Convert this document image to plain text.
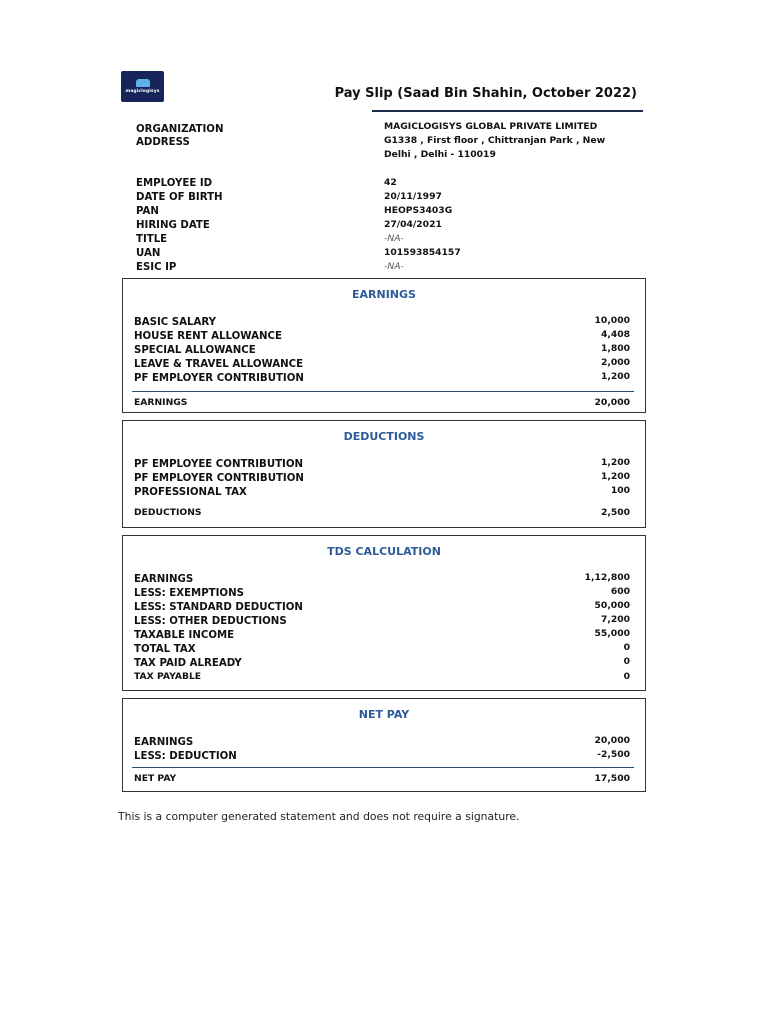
magiclogisys	Pay Slip (Saad Bin Shahin, October 2022)
ORGANIZATION	MAGICLOGISYS GLOBAL PRIVATE LIMITED
ADDRESS	G1338 , First floor , Chittranjan Park , New Delhi , Delhi - 110019
EMPLOYEE ID	42
DATE OF BIRTH	20/11/1997
PAN	HEOPS3403G
HIRING DATE	27/04/2021
TITLE	-NA-
UAN	101593854157
ESIC IP	-NA-
EARNINGS
BASIC SALARY	10,000
HOUSE RENT ALLOWANCE	4,408
SPECIAL ALLOWANCE	1,800
LEAVE & TRAVEL ALLOWANCE	2,000
PF EMPLOYER CONTRIBUTION	1,200
EARNINGS	20,000
DEDUCTIONS
PF EMPLOYEE CONTRIBUTION	1,200
PF EMPLOYER CONTRIBUTION	1,200
PROFESSIONAL TAX	100
DEDUCTIONS	2,500
TDS CALCULATION
EARNINGS	1,12,800
LESS: EXEMPTIONS	600
LESS: STANDARD DEDUCTION	50,000
LESS: OTHER DEDUCTIONS	7,200
TAXABLE INCOME	55,000
TOTAL TAX	0
TAX PAID ALREADY	0
TAX PAYABLE	0
NET PAY
EARNINGS	20,000
LESS: DEDUCTION	-2,500
NET PAY	17,500
This is a computer generated statement and does not require a signature.
